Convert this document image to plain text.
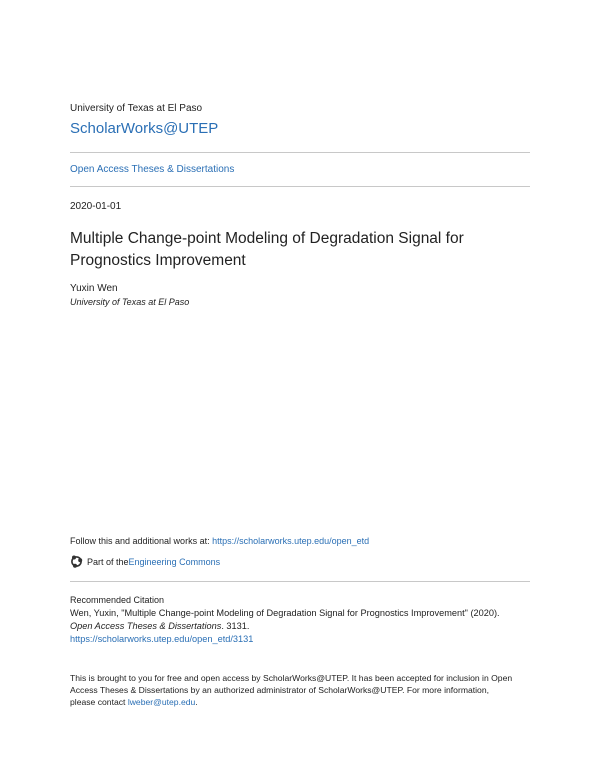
University of Texas at El Paso
ScholarWorks@UTEP
Open Access Theses & Dissertations
2020-01-01
Multiple Change-point Modeling of Degradation Signal for Prognostics Improvement
Yuxin Wen
University of Texas at El Paso
Follow this and additional works at: https://scholarworks.utep.edu/open_etd
Part of the Engineering Commons
Recommended Citation
Wen, Yuxin, "Multiple Change-point Modeling of Degradation Signal for Prognostics Improvement" (2020).
Open Access Theses & Dissertations. 3131.
https://scholarworks.utep.edu/open_etd/3131
This is brought to you for free and open access by ScholarWorks@UTEP. It has been accepted for inclusion in Open
Access Theses & Dissertations by an authorized administrator of ScholarWorks@UTEP. For more information,
please contact lweber@utep.edu.
